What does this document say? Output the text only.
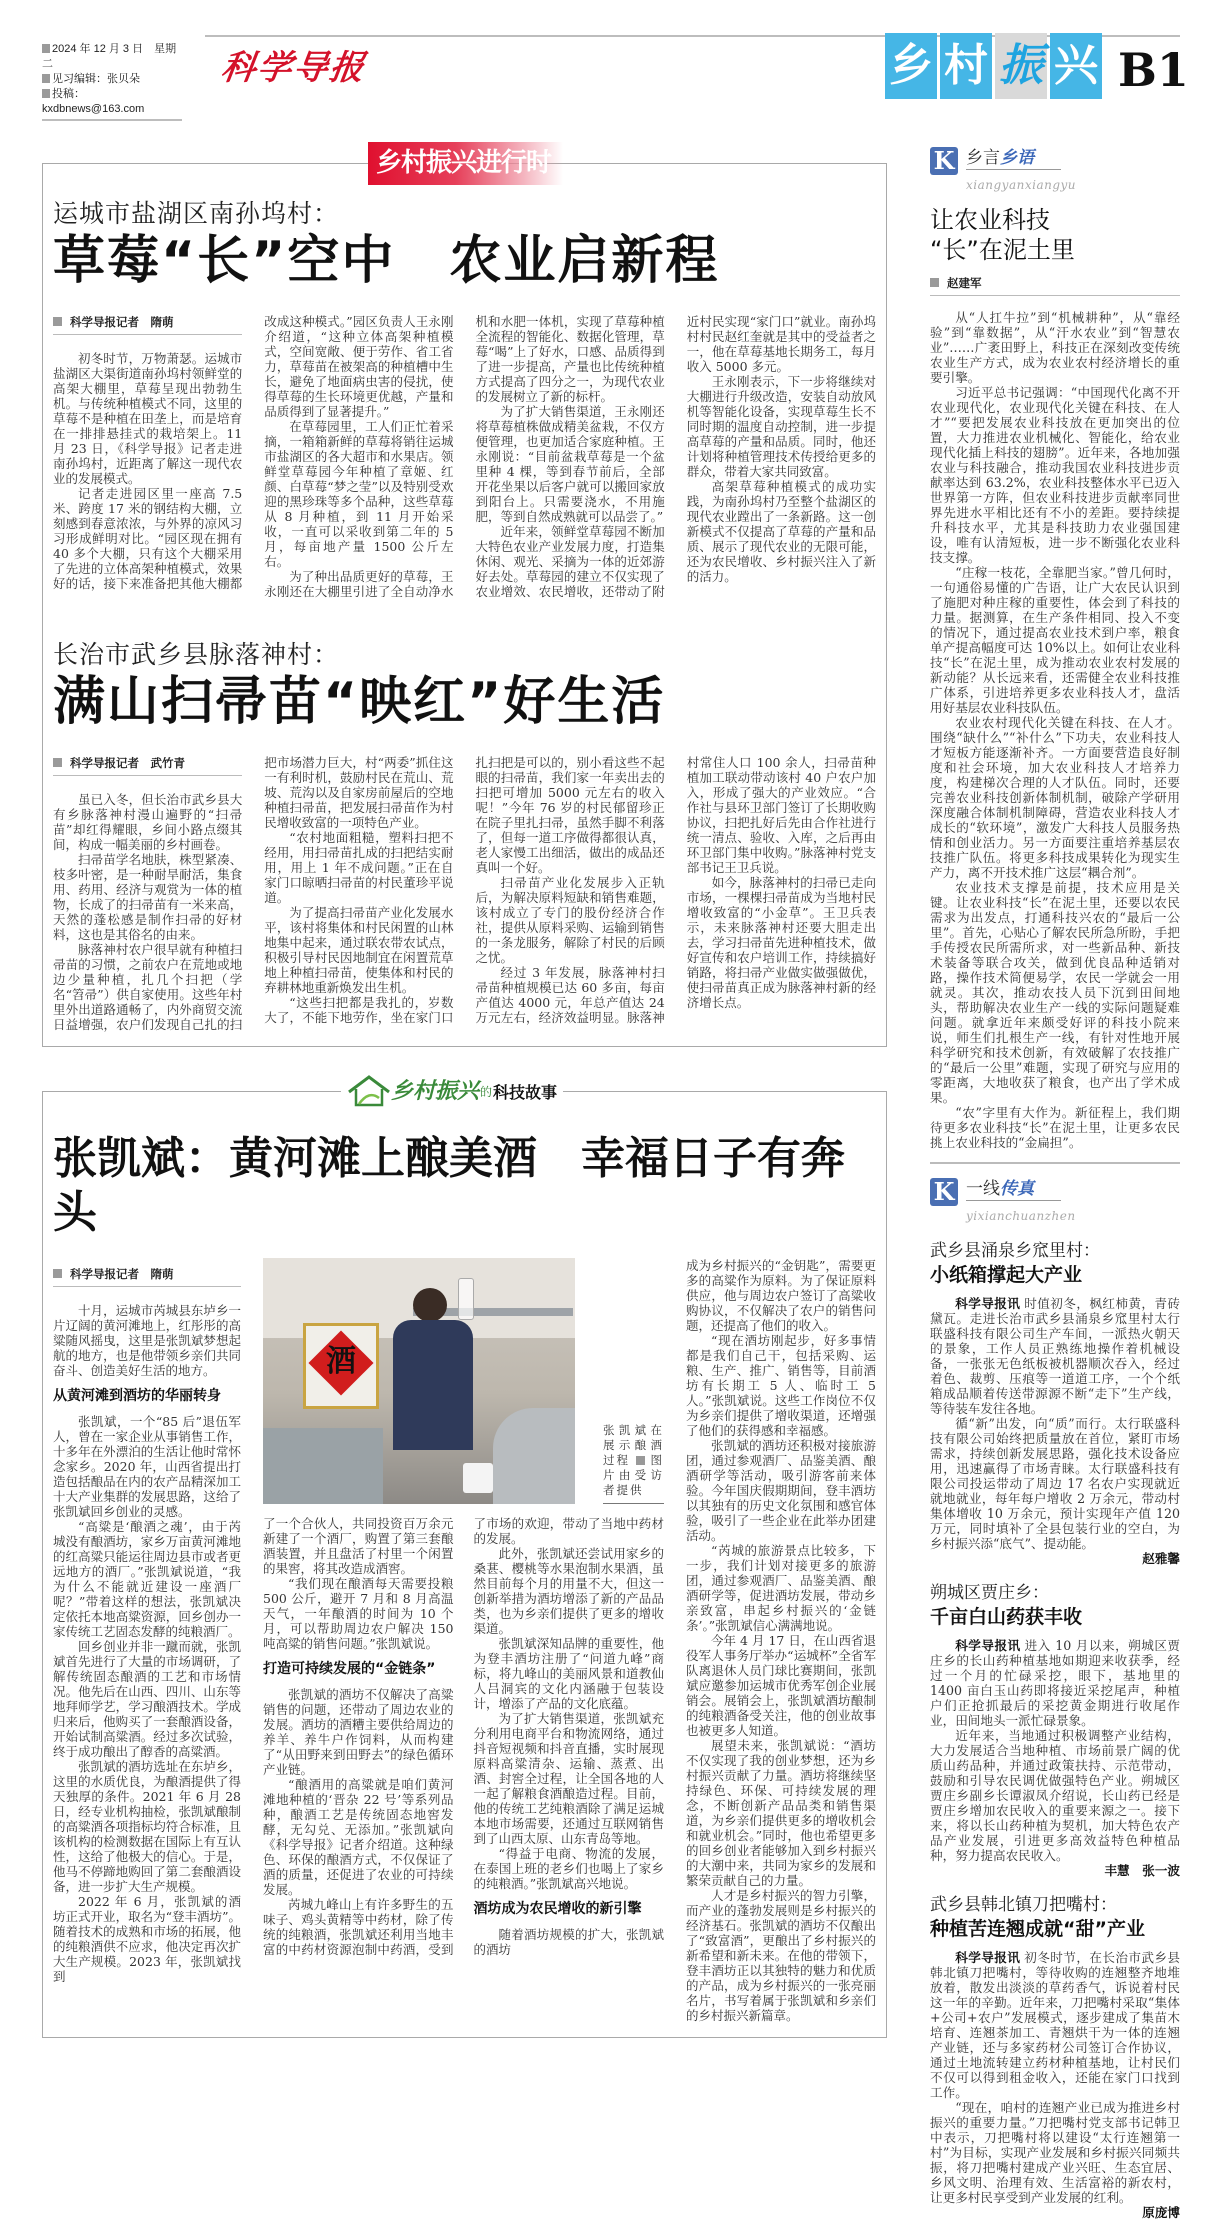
2024 年 12 月 3 日　星期二
见习编辑：张贝朵
投稿：kxdbnews@163.com
科学导报	乡 村 振 兴 B1
乡村振兴进行时
运城市盐湖区南孙坞村：
草莓“长”空中　农业启新程
科学导报记者　隋萌

初冬时节，万物萧瑟。运城市盐湖区大渠街道南孙坞村领鲜堂的高架大棚里，草莓呈现出勃勃生机。与传统种植模式不同，这里的草莓不是种植在田垄上，而是培育在一排排悬挂式的栽培架上。11 月 23 日，《科学导报》记者走进南孙坞村，近距离了解这一现代农业的发展模式。

记者走进园区里一座高 7.5 米、跨度 17 米的钢结构大棚，立刻感到春意浓浓，与外界的凉风习习形成鲜明对比。“园区现在拥有 40 多个大棚，只有这个大棚采用了先进的立体高架种植模式，效果好的话，接下来准备把其他大棚都改成这种模式。”园区负责人王永刚介绍道，“这种立体高架种植模式，空间宽敞、便于劳作、省工省力，草莓苗在被架高的种植槽中生长，避免了地面病虫害的侵扰，使得草莓的生长环境更优越，产量和品质得到了显著提升。”

在草莓园里，工人们正忙着采摘，一箱箱新鲜的草莓将销往运城市盐湖区的各大超市和水果店。领鲜堂草莓园今年种植了章姬、红颜、白草莓“梦之莹”以及特别受欢迎的黑珍珠等多个品种，这些草莓从 8 月种植，到 11 月开始采收，一直可以采收到第二年的 5 月，每亩地产量 1500 公斤左右。

为了种出品质更好的草莓，王永刚还在大棚里引进了全自动净水机和水肥一体机，实现了草莓种植全流程的智能化、数据化管理，草莓“喝”上了好水，口感、品质得到了进一步提高，产量也比传统种植方式提高了四分之一，为现代农业的发展树立了新的标杆。

为了扩大销售渠道，王永刚还将草莓植株做成精美盆栽，不仅方便管理，也更加适合家庭种植。王永刚说：“目前盆栽草莓是一个盆里种 4 棵，等到春节前后，全部开花坐果以后客户就可以搬回家放到阳台上。只需要浇水，不用施肥，等到自然成熟就可以品尝了。”

近年来，领鲜堂草莓园不断加大特色农业产业发展力度，打造集休闲、观光、采摘为一体的近郊游好去处。草莓园的建立不仅实现了农业增效、农民增收，还带动了附近村民实现“家门口”就业。南孙坞村村民赵红奎就是其中的受益者之一，他在草莓基地长期务工，每月收入 5000 多元。

王永刚表示，下一步将继续对大棚进行升级改造，安装自动放风机等智能化设备，实现草莓生长不同时期的温度自动控制，进一步提高草莓的产量和品质。同时，他还计划将种植管理技术传授给更多的群众，带着大家共同致富。

高架草莓种植模式的成功实践，为南孙坞村乃至整个盐湖区的现代农业蹚出了一条新路。这一创新模式不仅提高了草莓的产量和品质、展示了现代农业的无限可能，还为农民增收、乡村振兴注入了新的活力。

长治市武乡县脉落神村：
满山扫帚苗“映红”好生活
科学导报记者　武竹青

虽已入冬，但长治市武乡县大有乡脉落神村漫山遍野的“扫帚苗”却红得耀眼，乡间小路点缀其间，构成一幅美丽的乡村画卷。

扫帚苗学名地肤，株型紧凑、枝多叶密，是一种耐旱耐活，集食用、药用、经济与观赏为一体的植物，长成了的扫帚苗有一米来高，天然的蓬松感是制作扫帚的好材料，这也是其俗名的由来。

脉落神村农户很早就有种植扫帚苗的习惯，之前农户在荒地或地边少量种植，扎几个扫把（学名“笤帚”）供自家使用。这些年村里外出道路通畅了，内外商贸交流日益增强，农户们发现自己扎的扫把市场潜力巨大，村“两委”抓住这一有利时机，鼓励村民在荒山、荒坡、荒沟以及自家房前屋后的空地种植扫帚苗，把发展扫帚苗作为村民增收致富的一项特色产业。

“农村地面粗糙，塑料扫把不经用，用扫帚苗扎成的扫把结实耐用，用上 1 年不成问题。”正在自家门口晾晒扫帚苗的村民董珍平说道。

为了提高扫帚苗产业化发展水平，该村将集体和村民闲置的山林地集中起来，通过联农带农试点，积极引导村民因地制宜在闲置荒草地上种植扫帚苗，使集体和村民的弃耕林地重新焕发出生机。

“这些扫把都是我扎的，岁数大了，不能下地劳作，坐在家门口扎扫把是可以的，别小看这些不起眼的扫帚苗，我们家一年卖出去的扫把可增加 5000 元左右的收入呢！”今年 76 岁的村民郁留珍正在院子里扎扫帚，虽然手脚不利落了，但每一道工序做得都很认真，老人家慢工出细活，做出的成品还真叫一个好。

扫帚苗产业化发展步入正轨后，为解决原料短缺和销售难题，该村成立了专门的股份经济合作社，提供从原料采购、运输到销售的一条龙服务，解除了村民的后顾之忧。

经过 3 年发展，脉落神村扫帚苗种植规模已达 60 多亩，每亩产值达 4000 元，年总产值达 24 万元左右，经济效益明显。脉落神村常住人口 100 余人，扫帚苗种植加工联动带动该村 40 户农户加入，形成了强大的产业效应。“合作社与县环卫部门签订了长期收购协议，扫把扎好后先由合作社进行统一清点、验收、入库，之后再由环卫部门集中收购。”脉落神村党支部书记王卫兵说。

如今，脉落神村的扫帚已走向市场，一棵棵扫帚苗成为当地村民增收致富的“小金草”。王卫兵表示，未来脉落神村还要大胆走出去，学习扫帚苗先进种植技术，做好宣传和农户培训工作，持续搞好销路，将扫帚产业做实做强做优，使扫帚苗真正成为脉落神村新的经济增长点。

乡村振兴 的 科技故事
张凯斌：黄河滩上酿美酒　幸福日子有奔头
科学导报记者　隋萌

十月，运城市芮城县东垆乡一片辽阔的黄河滩地上，红彤彤的高粱随风摇曳，这里是张凯斌梦想起航的地方，也是他带领乡亲们共同奋斗、创造美好生活的地方。

从黄河滩到酒坊的华丽转身

张凯斌，一个“85 后”退伍军人，曾在一家企业从事销售工作，十多年在外漂泊的生活让他时常怀念家乡。2020 年，山西省提出打造包括酿品在内的农产品精深加工十大产业集群的发展思路，这给了张凯斌回乡创业的灵感。

“高粱是‘酿酒之魂’，由于芮城没有酿酒坊，家乡万亩黄河滩地的红高粱只能运往周边县市或者更远地方的酒厂。”张凯斌说道，“我为什么不能就近建设一座酒厂呢？”带着这样的想法，张凯斌决定依托本地高粱资源，回乡创办一家传统工艺固态发酵的纯粮酒厂。

回乡创业并非一蹴而就，张凯斌首先进行了大量的市场调研，了解传统固态酿酒的工艺和市场情况。他先后在山西、四川、山东等地拜师学艺，学习酿酒技术。学成归来后，他购买了一套酿酒设备，开始试制高粱酒。经过多次试验，终于成功酿出了醇香的高粱酒。

张凯斌的酒坊选址在东垆乡，这里的水质优良，为酿酒提供了得天独厚的条件。2021 年 6 月 28 日，经专业机构抽检，张凯斌酿制的高粱酒各项指标均符合标准，且该机构的检测数据在国际上有互认性，这给了他极大的信心。于是，他马不停蹄地购回了第二套酿酒设备，进一步扩大生产规模。

2022 年 6 月，张凯斌的酒坊正式开业，取名为“登丰酒坊”。随着技术的成熟和市场的拓展，他的纯粮酒供不应求，他决定再次扩大生产规模。2023 年，张凯斌找到

酒
张凯斌在展示酿酒过程 图片由受访者提供

了一个合伙人，共同投资百万余元新建了一个酒厂，购置了第三套酿酒装置，并且盘活了村里一个闲置的果窖，将其改造成酒窖。

“我们现在酿酒每天需要投粮 500 公斤，避开 7 月和 8 月高温天气，一年酿酒的时间为 10 个月，可以帮助周边农户解决 150 吨高粱的销售问题。”张凯斌说。

打造可持续发展的“金链条”

张凯斌的酒坊不仅解决了高粱销售的问题，还带动了周边农业的发展。酒坊的酒糟主要供给周边的养羊、养牛户作饲料，从而构建了“从田野来到田野去”的绿色循环产业链。

“酿酒用的高粱就是咱们黄河滩地种植的‘晋杂 22 号’等系列品种，酿酒工艺是传统固态地窖发酵，无勾兑、无添加。”张凯斌向《科学导报》记者介绍道。这种绿色、环保的酿酒方式，不仅保证了酒的质量，还促进了农业的可持续发展。

芮城九峰山上有许多野生的五味子、鸡头黄精等中药材，除了传统的纯粮酒，张凯斌还利用当地丰富的中药材资源泡制中药酒，受到了市场的欢迎，带动了当地中药材的发展。

此外，张凯斌还尝试用家乡的桑葚、樱桃等水果泡制水果酒，虽然目前每个月的用量不大，但这一创新举措为酒坊增添了新的产品品类，也为乡亲们提供了更多的增收渠道。

张凯斌深知品牌的重要性，他为登丰酒坊注册了“问道九峰”商标，将九峰山的美丽风景和道教仙人吕洞宾的文化内涵融于包装设计，增添了产品的文化底蕴。

为了扩大销售渠道，张凯斌充分利用电商平台和物流网络，通过抖音短视频和抖音直播，实时展现原料高粱清杂、运输、蒸煮、出酒、封窖全过程，让全国各地的人一起了解粮食酒酿造过程。目前，他的传统工艺纯粮酒除了满足运城本地市场需要，还通过互联网销售到了山西太原、山东青岛等地。

“得益于电商、物流的发展，在泰国上班的老乡们也喝上了家乡的纯粮酒。”张凯斌高兴地说。

酒坊成为农民增收的新引擎

随着酒坊规模的扩大，张凯斌的酒坊

成为乡村振兴的“金钥匙”，需要更多的高粱作为原料。为了保证原料供应，他与周边农户签订了高粱收购协议，不仅解决了农户的销售问题，还提高了他们的收入。

“现在酒坊刚起步，好多事情都是我们自己干，包括采购、运粮、生产、推广、销售等，目前酒坊有长期工 5 人、临时工 5 人。”张凯斌说。这些工作岗位不仅为乡亲们提供了增收渠道，还增强了他们的获得感和幸福感。

张凯斌的酒坊还积极对接旅游团，通过参观酒厂、品鉴美酒、酿酒研学等活动，吸引游客前来体验。今年国庆假期期间，登丰酒坊以其独有的历史文化氛围和感官体验，吸引了一些企业在此举办团建活动。

“芮城的旅游景点比较多，下一步，我们计划对接更多的旅游团，通过参观酒厂、品鉴美酒、酿酒研学等，促进酒坊发展，带动乡亲致富，串起乡村振兴的‘金链条’。”张凯斌信心满满地说。

今年 4 月 17 日，在山西省退役军人事务厅举办“运城杯”全省军队离退休人员门球比赛期间，张凯斌应邀参加运城市优秀军创企业展销会。展销会上，张凯斌酒坊酿制的纯粮酒备受关注，他的创业故事也被更多人知道。

展望未来，张凯斌说：“酒坊不仅实现了我的创业梦想，还为乡村振兴贡献了力量。酒坊将继续坚持绿色、环保、可持续发展的理念，不断创新产品品类和销售渠道，为乡亲们提供更多的增收机会和就业机会。”同时，他也希望更多的回乡创业者能够加入到乡村振兴的大潮中来，共同为家乡的发展和繁荣贡献自己的力量。

人才是乡村振兴的智力引擎，而产业的蓬勃发展则是乡村振兴的经济基石。张凯斌的酒坊不仅酿出了“致富酒”，更酿出了乡村振兴的新希望和新未来。在他的带领下，登丰酒坊正以其独特的魅力和优质的产品，成为乡村振兴的一张亮丽名片，书写着属于张凯斌和乡亲们的乡村振兴新篇章。

K 乡言乡语
xiangyanxiangyu
让农业科技
“长”在泥土里
赵建军

从“人扛牛拉”到“机械耕种”，从“靠经验”到“靠数据”，从“汗水农业”到“智慧农业”……广袤田野上，科技正在深刻改变传统农业生产方式，成为农业农村经济增长的重要引擎。

习近平总书记强调：“中国现代化离不开农业现代化，农业现代化关键在科技、在人才”“要把发展农业科技放在更加突出的位置，大力推进农业机械化、智能化，给农业现代化插上科技的翅膀”。近年来，各地加强农业与科技融合，推动我国农业科技进步贡献率达到 63.2%，农业科技整体水平已迈入世界第一方阵，但农业科技进步贡献率同世界先进水平相比还有不小的差距。要持续提升科技水平，尤其是科技助力农业强国建设，唯有认清短板，进一步不断强化农业科技支撑。

“庄稼一枝花，全靠肥当家。”曾几何时，一句通俗易懂的广告语，让广大农民认识到了施肥对种庄稼的重要性，体会到了科技的力量。据测算，在生产条件相同、投入不变的情况下，通过提高农业技术到户率，粮食单产提高幅度可达 10%以上。如何让农业科技“长”在泥土里，成为推动农业农村发展的新动能？从长远来看，还需健全农业科技推广体系，引进培养更多农业科技人才，盘活用好基层农业科技队伍。

农业农村现代化关键在科技、在人才。围绕“缺什么”“补什么”下功夫，农业科技人才短板方能逐渐补齐。一方面要营造良好制度和社会环境，加大农业科技人才培养力度，构建梯次合理的人才队伍。同时，还要完善农业科技创新体制机制，破除产学研用深度融合体制机制障碍，营造农业科技人才成长的“软环境”，激发广大科技人员服务热情和创业活力。另一方面要注重培养基层农技推广队伍。将更多科技成果转化为现实生产力，离不开技术推广这层“耦合剂”。

农业技术支撑是前提，技术应用是关键。让农业科技“长”在泥土里，还要以农民需求为出发点，打通科技兴农的“最后一公里”。首先，心贴心了解农民所急所盼，手把手传授农民所需所求，对一些新品种、新技术装备等联合攻关，做到优良品种适销对路，操作技术简便易学，农民一学就会一用就灵。其次，推动农技人员下沉到田间地头，帮助解决农业生产一线的实际问题疑难问题。就拿近年来颇受好评的科技小院来说，师生们扎根生产一线，有针对性地开展科学研究和技术创新，有效破解了农技推广的“最后一公里”难题，实现了研究与应用的零距离，大地收获了粮食，也产出了学术成果。

“农”字里有大作为。新征程上，我们期待更多农业科技“长”在泥土里，让更多农民挑上农业科技的“金扁担”。

K 一线传真
yixianchuanzhen
武乡县涌泉乡窊里村：
小纸箱撑起大产业

科学导报讯 时值初冬，枫红柿黄，青砖黛瓦。走进长治市武乡县涌泉乡窊里村太行联盛科技有限公司生产车间，一派热火朝天的景象，工作人员正熟练地操作着机械设备，一张张无色纸板被机器顺次吞入，经过着色、裁剪、压痕等一道道工序，一个个纸箱成品顺着传送带源源不断“走下”生产线，等待装车发往各地。

循“新”出发，向“质”而行。太行联盛科技有限公司始终把质量放在首位，紧盯市场需求，持续创新发展思路，强化技术设备应用，迅速赢得了市场青睐。太行联盛科技有限公司投运带动了周边 17 名农户实现就近就地就业，每年每户增收 2 万余元，带动村集体增收 10 万余元，预计实现年产值 120 万元，同时填补了全县包装行业的空白，为乡村振兴添“底气”、提动能。

赵雅馨

朔城区贾庄乡：
千亩白山药获丰收

科学导报讯 进入 10 月以来，朔城区贾庄乡的长山药种植基地如期迎来收获季，经过一个月的忙碌采挖，眼下，基地里的 1400 亩白玉山药即将接近采挖尾声，种植户们正抢抓最后的采挖黄金期进行收尾作业，田间地头一派忙碌景象。

近年来，当地通过积极调整产业结构，大力发展适合当地种植、市场前景广阔的优质山药品种，并通过政策扶持、示范带动，鼓励和引导农民调优做强特色产业。朔城区贾庄乡副乡长谭淑凤介绍说，长山药已经是贾庄乡增加农民收入的重要来源之一。接下来，将以长山药种植为契机，加大特色农产品产业发展，引进更多高效益特色种植品种，努力提高农民收入。

丰慧　张一波

武乡县韩北镇刀把嘴村：
种植苦连翘成就“甜”产业

科学导报讯 初冬时节，在长治市武乡县韩北镇刀把嘴村，等待收购的连翘整齐地堆放着，散发出淡淡的草药香气，诉说着村民这一年的辛勤。近年来，刀把嘴村采取“集体+公司+农户”发展模式，逐步建成了集苗木培育、连翘茶加工、青翘烘干为一体的连翘产业链，还与多家药材公司签订合作协议，通过土地流转建立药材种植基地，让村民们不仅可以得到租金收入，还能在家门口找到工作。

“现在，咱村的连翘产业已成为推进乡村振兴的重要力量。”刀把嘴村党支部书记韩卫中表示，刀把嘴村将以建设“太行连翘第一村”为目标，实现产业发展和乡村振兴同频共振，将刀把嘴村建成产业兴旺、生态宜居、乡风文明、治理有效、生活富裕的新农村，让更多村民享受到产业发展的红利。

原庞博
